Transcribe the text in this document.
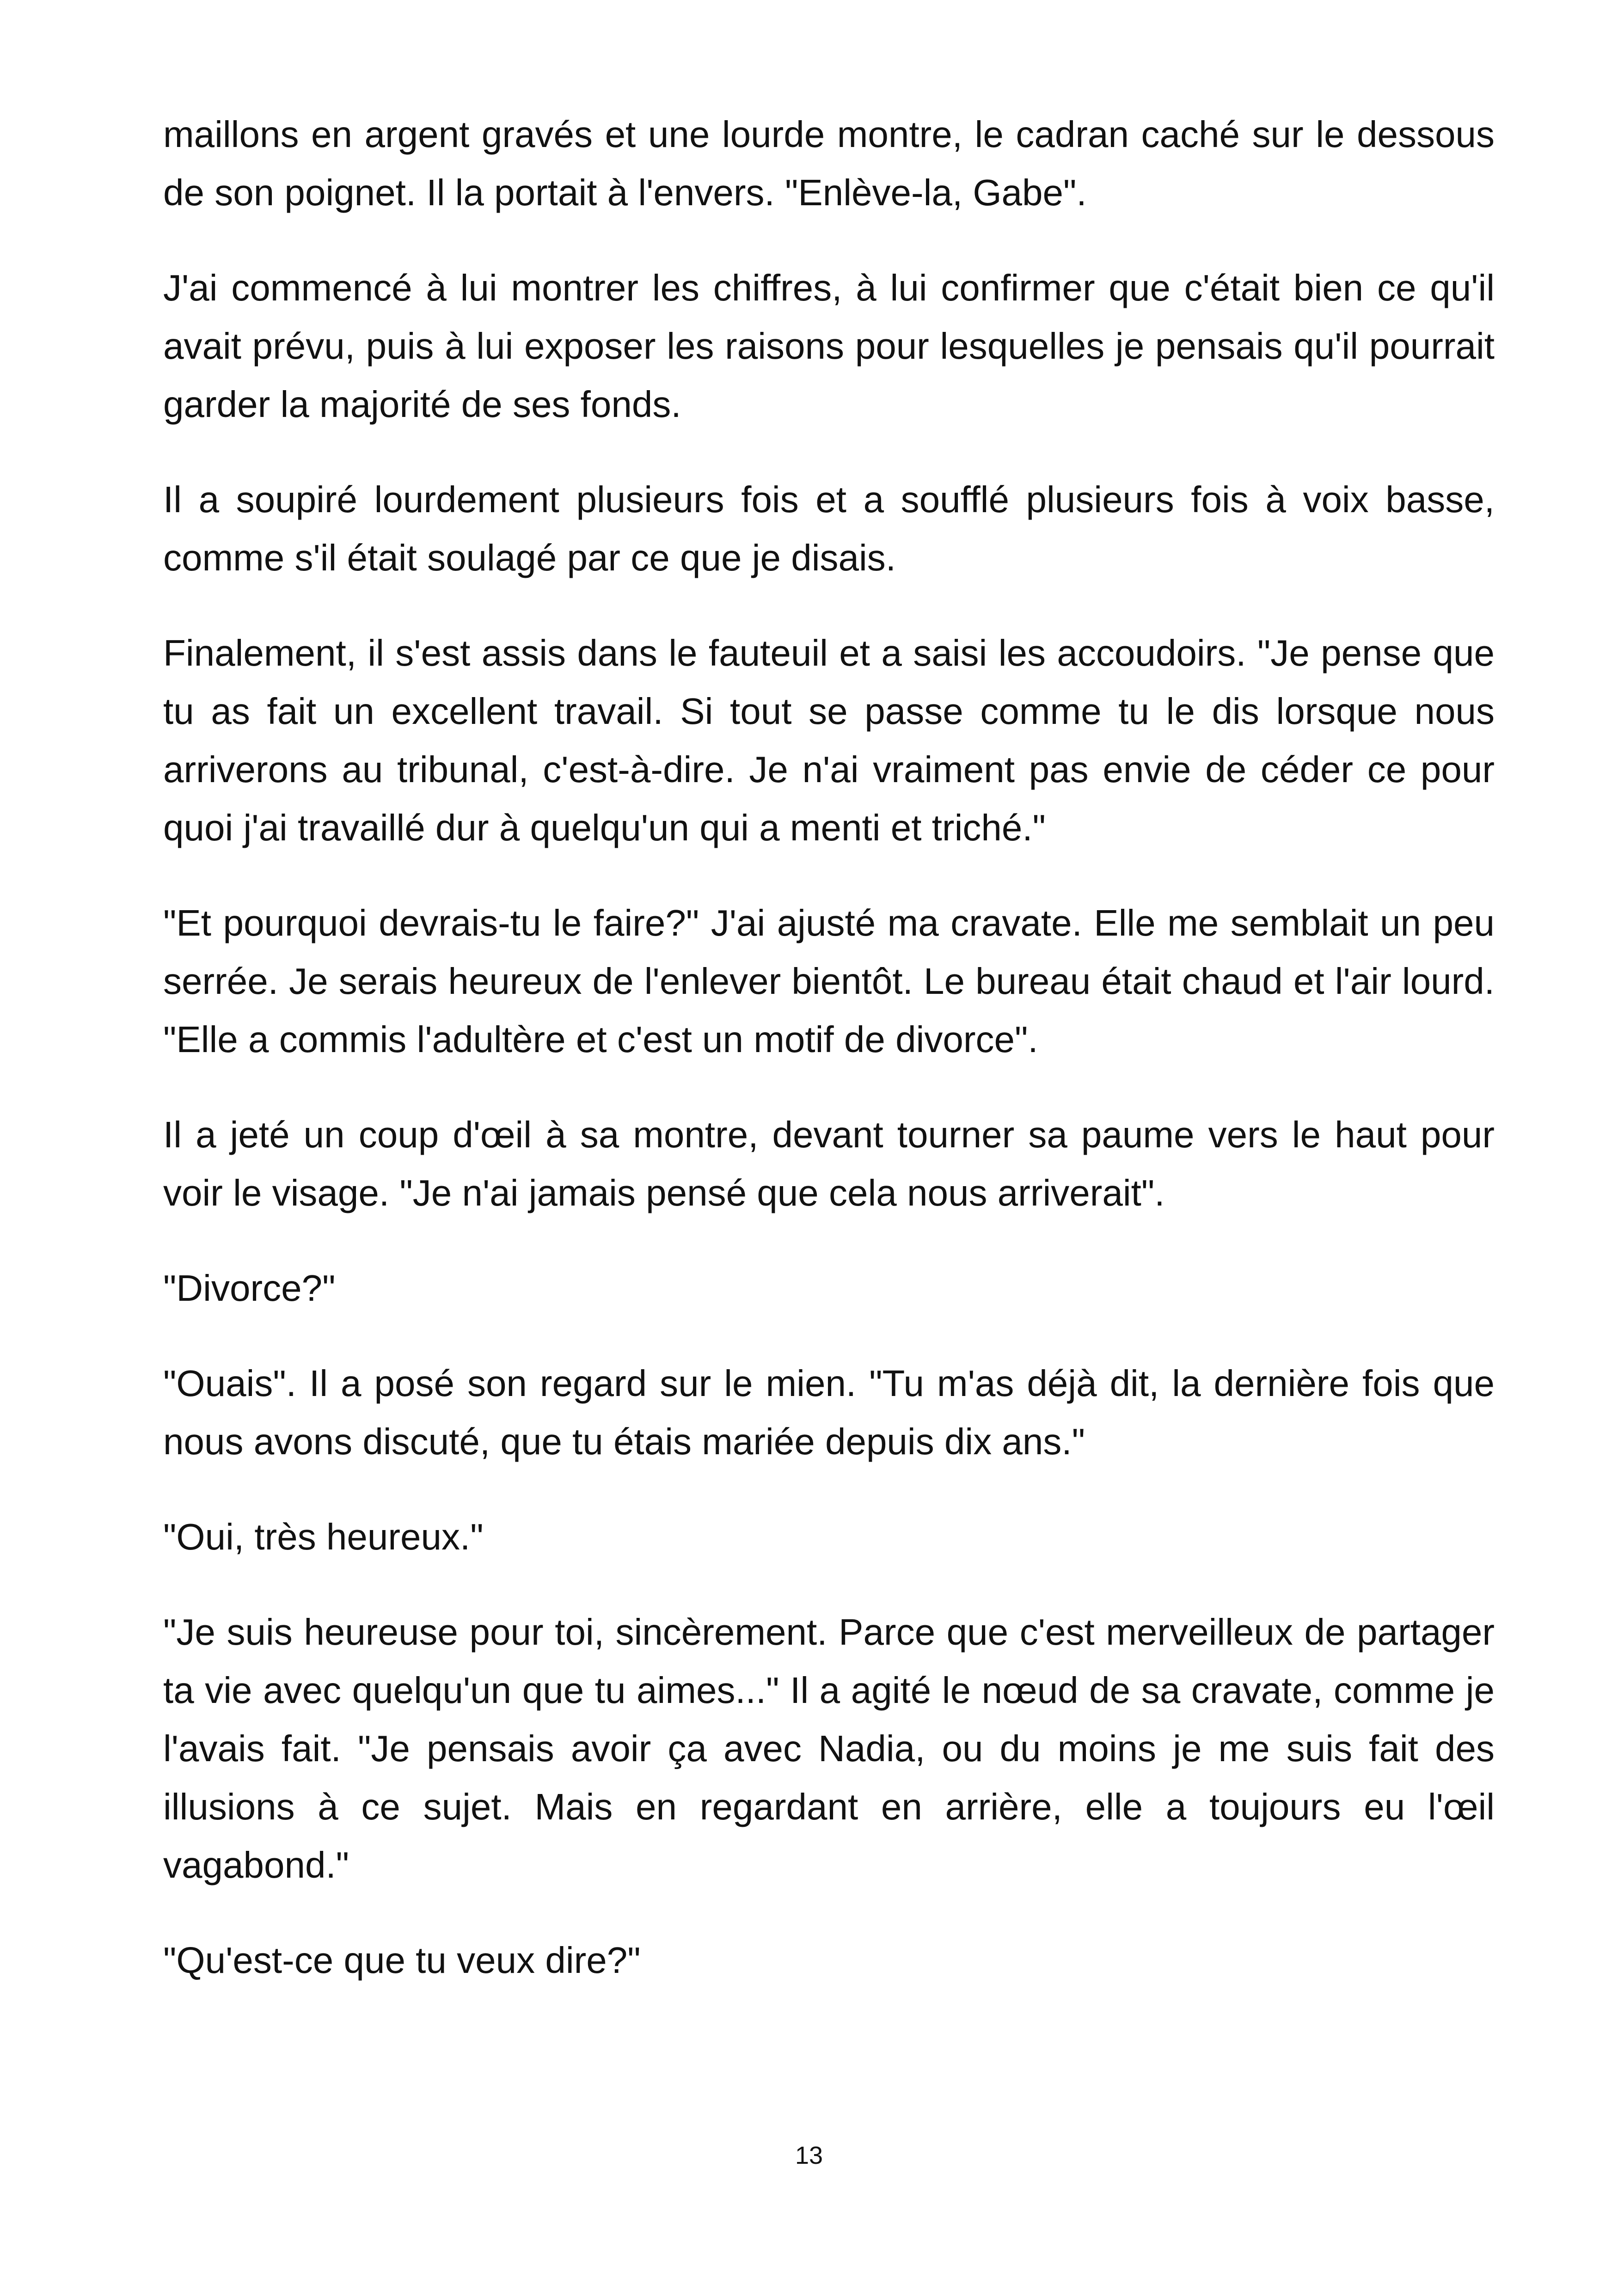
maillons en argent gravés et une lourde montre, le cadran caché sur le dessous de son poignet. Il la portait à l'envers. "Enlève-la, Gabe".

J'ai commencé à lui montrer les chiffres, à lui confirmer que c'était bien ce qu'il avait prévu, puis à lui exposer les raisons pour lesquelles je pensais qu'il pourrait garder la majorité de ses fonds.

Il a soupiré lourdement plusieurs fois et a soufflé plusieurs fois à voix basse, comme s'il était soulagé par ce que je disais.

Finalement, il s'est assis dans le fauteuil et a saisi les accoudoirs. "Je pense que tu as fait un excellent travail. Si tout se passe comme tu le dis lorsque nous arriverons au tribunal, c'est-à-dire. Je n'ai vraiment pas envie de céder ce pour quoi j'ai travaillé dur à quelqu'un qui a menti et triché."

"Et pourquoi devrais-tu le faire?" J'ai ajusté ma cravate. Elle me semblait un peu serrée. Je serais heureux de l'enlever bientôt. Le bureau était chaud et l'air lourd. "Elle a commis l'adultère et c'est un motif de divorce".

Il a jeté un coup d'œil à sa montre, devant tourner sa paume vers le haut pour voir le visage. "Je n'ai jamais pensé que cela nous arriverait".

"Divorce?"

"Ouais". Il a posé son regard sur le mien. "Tu m'as déjà dit, la dernière fois que nous avons discuté, que tu étais mariée depuis dix ans."

"Oui, très heureux."

"Je suis heureuse pour toi, sincèrement. Parce que c'est merveilleux de partager ta vie avec quelqu'un que tu aimes..." Il a agité le nœud de sa cravate, comme je l'avais fait. "Je pensais avoir ça avec Nadia, ou du moins je me suis fait des illusions à ce sujet. Mais en regardant en arrière, elle a toujours eu l'œil vagabond."

"Qu'est-ce que tu veux dire?"

13
